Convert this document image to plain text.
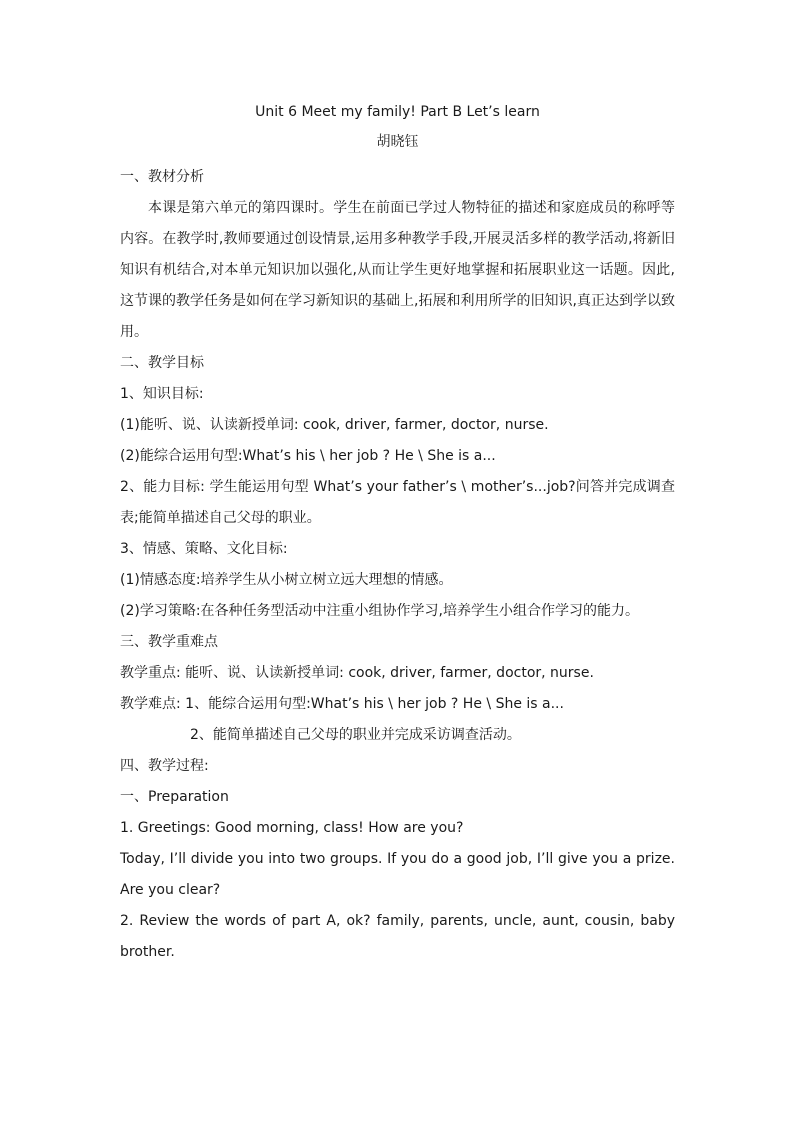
Unit 6 Meet my family! Part B Let’s learn
胡晓钰
一、教材分析
本课是第六单元的第四课时。学生在前面已学过人物特征的描述和家庭成员的称呼等内容。在教学时,教师要通过创设情景,运用多种教学手段,开展灵活多样的教学活动,将新旧知识有机结合,对本单元知识加以强化,从而让学生更好地掌握和拓展职业这一话题。因此,这节课的教学任务是如何在学习新知识的基础上,拓展和利用所学的旧知识,真正达到学以致用。
二、教学目标
1、知识目标:
(1)能听、说、认读新授单词: cook, driver, farmer, doctor, nurse.
(2)能综合运用句型:What’s his \ her job ? He \ She is a...
2、能力目标: 学生能运用句型 What’s your father’s \ mother’s...job?问答并完成调查表;能简单描述自己父母的职业。
3、情感、策略、文化目标:
(1)情感态度:培养学生从小树立树立远大理想的情感。
(2)学习策略:在各种任务型活动中注重小组协作学习,培养学生小组合作学习的能力。
三、教学重难点
教学重点: 能听、说、认读新授单词: cook, driver, farmer, doctor, nurse.
教学难点: 1、能综合运用句型:What’s his \ her job ? He \ She is a...
2、能简单描述自己父母的职业并完成采访调查活动。
四、教学过程:
一、Preparation
1. Greetings: Good morning, class! How are you?
Today, I’ll divide you into two groups. If you do a good job, I’ll give you a prize. Are you clear?
2. Review the words of part A, ok? family, parents, uncle, aunt, cousin, baby brother.
